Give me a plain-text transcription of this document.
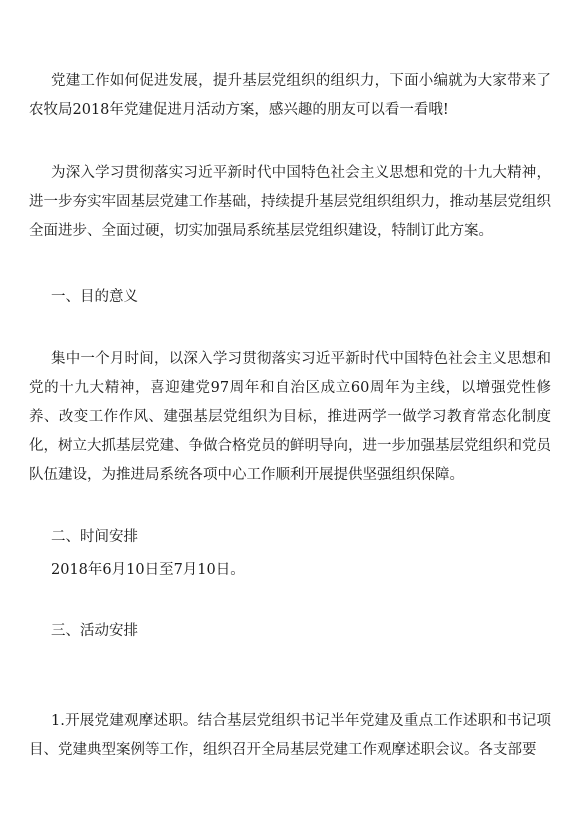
党建工作如何促进发展，提升基层党组织的组织力，下面小编就为大家带来了农牧局2018年党建促进月活动方案，感兴趣的朋友可以看一看哦!

为深入学习贯彻落实习近平新时代中国特色社会主义思想和党的十九大精神，进一步夯实牢固基层党建工作基础，持续提升基层党组织组织力，推动基层党组织全面进步、全面过硬，切实加强局系统基层党组织建设，特制订此方案。

一、目的意义

集中一个月时间，以深入学习贯彻落实习近平新时代中国特色社会主义思想和党的十九大精神，喜迎建党97周年和自治区成立60周年为主线，以增强党性修养、改变工作作风、建强基层党组织为目标，推进两学一做学习教育常态化制度化，树立大抓基层党建、争做合格党员的鲜明导向，进一步加强基层党组织和党员队伍建设，为推进局系统各项中心工作顺利开展提供坚强组织保障。

二、时间安排

2018年6月10日至7月10日。

三、活动安排

1.开展党建观摩述职。结合基层党组织书记半年党建及重点工作述职和书记项目、党建典型案例等工作，组织召开全局基层党建工作观摩述职会议。各支部要
